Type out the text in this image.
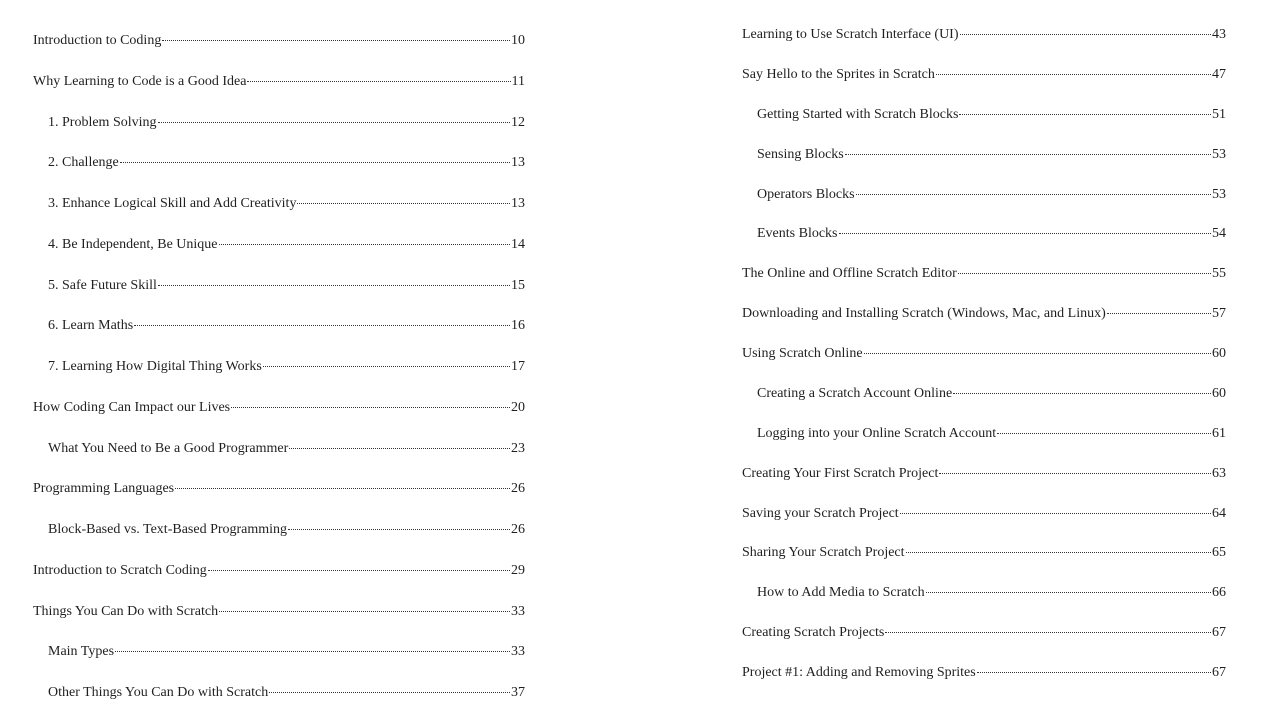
Introduction to Coding	10
Why Learning to Code is a Good Idea	11
1. Problem Solving	12
2. Challenge	13
3. Enhance Logical Skill and Add Creativity	13
4. Be Independent, Be Unique	14
5. Safe Future Skill	15
6. Learn Maths	16
7. Learning How Digital Thing Works	17
How Coding Can Impact our Lives	20
What You Need to Be a Good Programmer	23
Programming Languages	26
Block-Based vs. Text-Based Programming	26
Introduction to Scratch Coding	29
Things You Can Do with Scratch	33
Main Types	33
Other Things You Can Do with Scratch	37
Learning to Use Scratch Interface (UI)	43
Say Hello to the Sprites in Scratch	47
Getting Started with Scratch Blocks	51
Sensing Blocks	53
Operators Blocks	53
Events Blocks	54
The Online and Offline Scratch Editor	55
Downloading and Installing Scratch (Windows, Mac, and Linux)	57
Using Scratch Online	60
Creating a Scratch Account Online	60
Logging into your Online Scratch Account	61
Creating Your First Scratch Project	63
Saving your Scratch Project	64
Sharing Your Scratch Project	65
How to Add Media to Scratch	66
Creating Scratch Projects	67
Project #1: Adding and Removing Sprites	67
